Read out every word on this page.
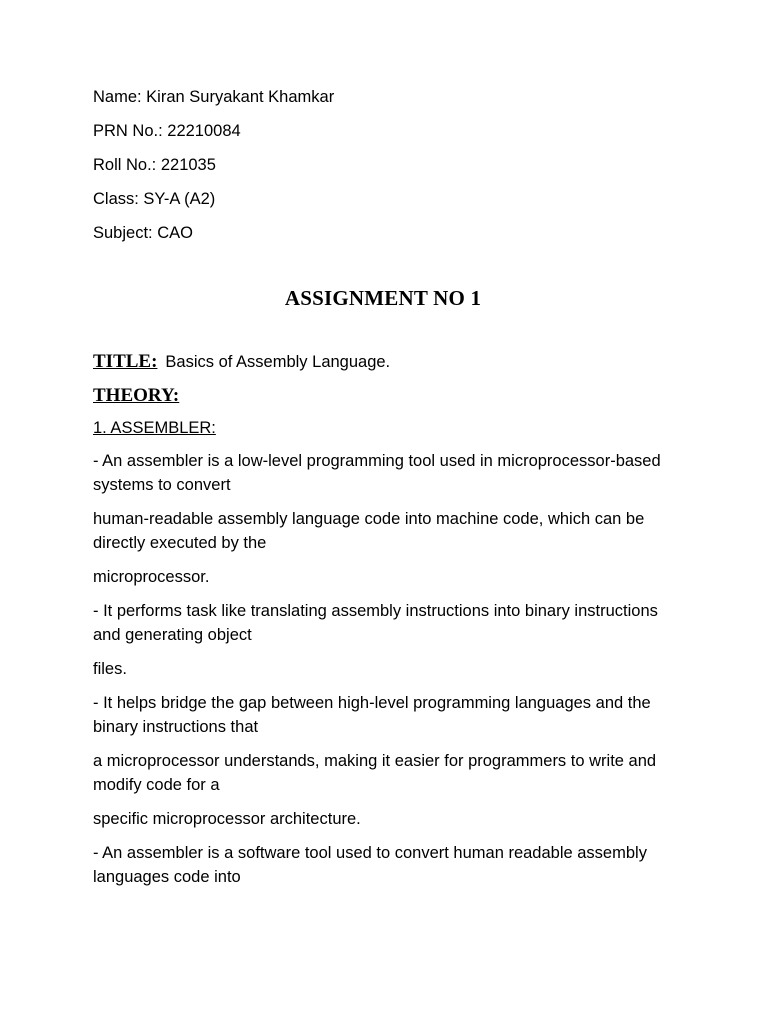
Name: Kiran Suryakant Khamkar
PRN No.: 22210084
Roll No.: 221035
Class: SY-A (A2)
Subject: CAO
ASSIGNMENT NO 1
TITLE: Basics of Assembly Language.
THEORY:
1. ASSEMBLER:

- An assembler is a low-level programming tool used in microprocessor-based systems to convert

human-readable assembly language code into machine code, which can be directly executed by the

microprocessor.

- It performs task like translating assembly instructions into binary instructions and generating object

files.

- It helps bridge the gap between high-level programming languages and the binary instructions that

a microprocessor understands, making it easier for programmers to write and modify code for a

specific microprocessor architecture.

- An assembler is a software tool used to convert human readable assembly languages code into
